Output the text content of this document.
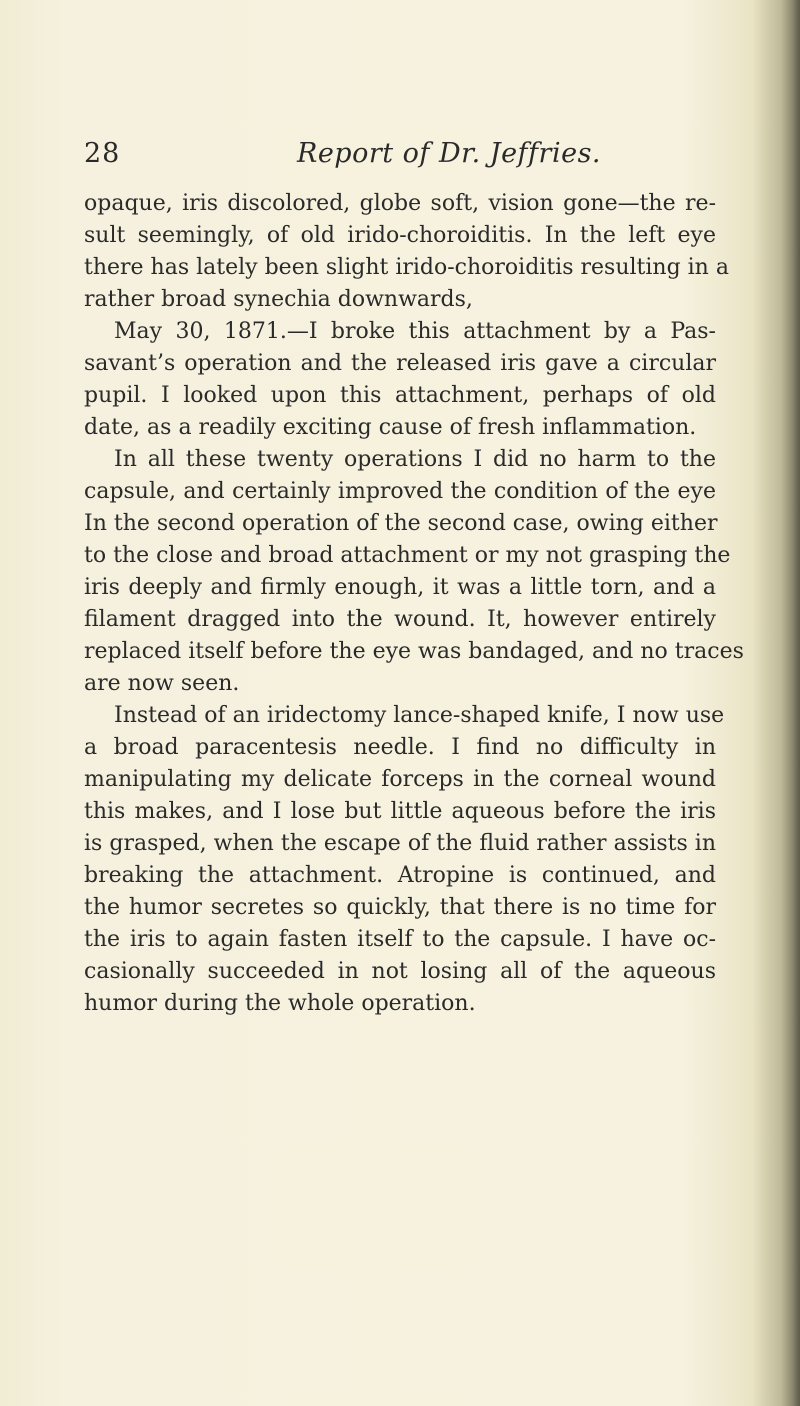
28	Report of Dr. Jeffries.
opaque, iris discolored, globe soft, vision gone—the re-
sult seemingly, of old irido-choroiditis. In the left eye
there has lately been slight irido-choroiditis resulting in a
rather broad synechia downwards,
May 30, 1871.—I broke this attachment by a Pas-
savant’s operation and the released iris gave a circular
pupil. I looked upon this attachment, perhaps of old
date, as a readily exciting cause of fresh inflammation.
In all these twenty operations I did no harm to the
capsule, and certainly improved the condition of the eye
In the second operation of the second case, owing either
to the close and broad attachment or my not grasping the
iris deeply and firmly enough, it was a little torn, and a
filament dragged into the wound. It, however entirely
replaced itself before the eye was bandaged, and no traces
are now seen.
Instead of an iridectomy lance-shaped knife, I now use
a broad paracentesis needle. I find no difficulty in
manipulating my delicate forceps in the corneal wound
this makes, and I lose but little aqueous before the iris
is grasped, when the escape of the fluid rather assists in
breaking the attachment. Atropine is continued, and
the humor secretes so quickly, that there is no time for
the iris to again fasten itself to the capsule. I have oc-
casionally succeeded in not losing all of the aqueous
humor during the whole operation.
